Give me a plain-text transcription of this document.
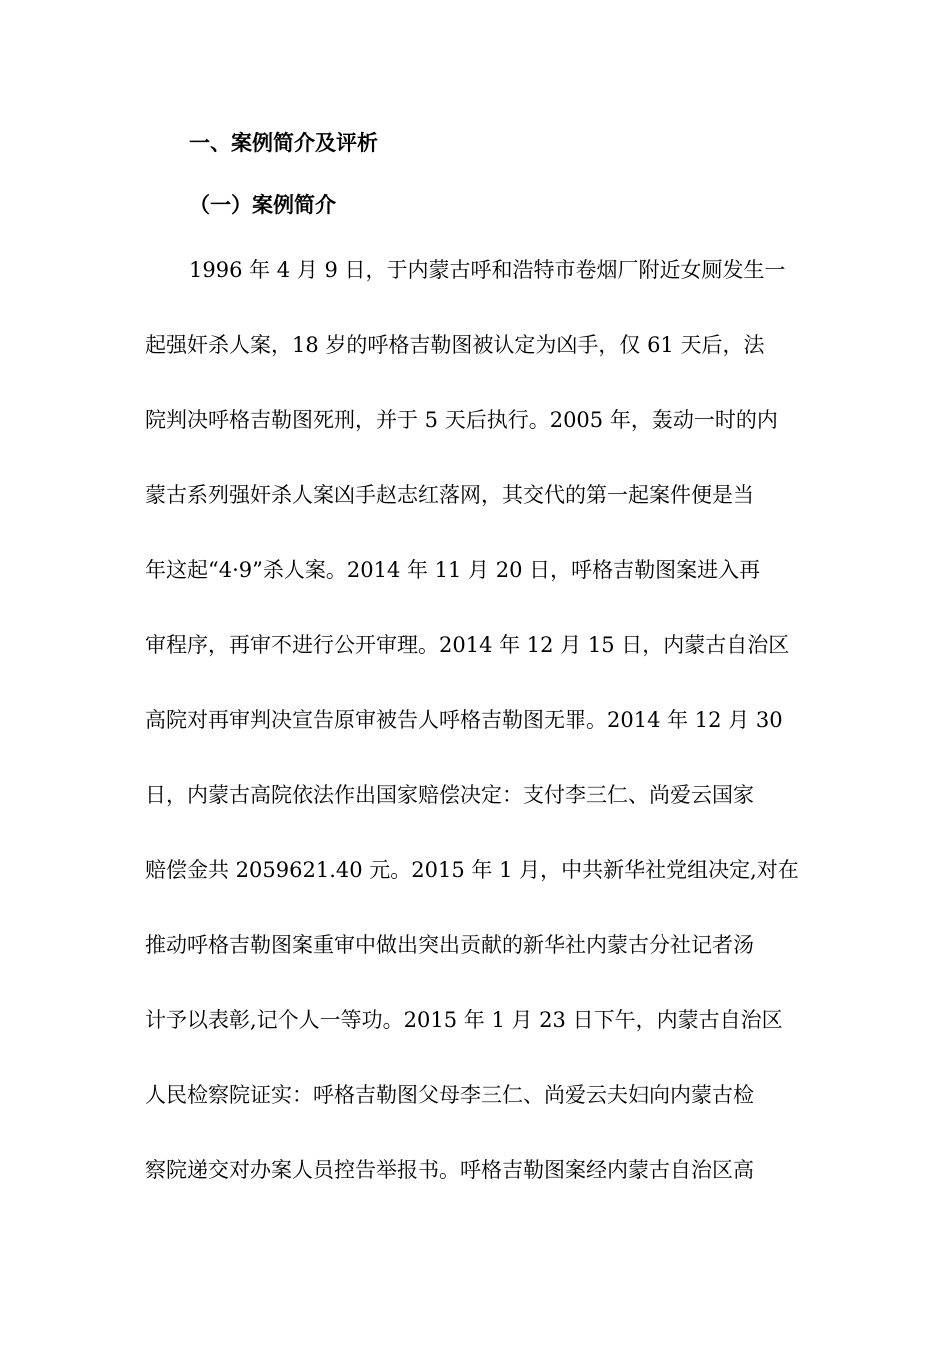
一、案例简介及评析
（一）案例简介
1996 年 4 月 9 日，于内蒙古呼和浩特市卷烟厂附近女厕发生一
起强奸杀人案，18 岁的呼格吉勒图被认定为凶手，仅 61 天后，法
院判决呼格吉勒图死刑，并于 5 天后执行。2005 年，轰动一时的内
蒙古系列强奸杀人案凶手赵志红落网，其交代的第一起案件便是当
年这起“4·9”杀人案。2014 年 11 月 20 日，呼格吉勒图案进入再
审程序，再审不进行公开审理。2014 年 12 月 15 日，内蒙古自治区
高院对再审判决宣告原审被告人呼格吉勒图无罪。2014 年 12 月 30
日，内蒙古高院依法作出国家赔偿决定：支付李三仁、尚爱云国家
赔偿金共 2059621.40 元。2015 年 1 月，中共新华社党组决定,对在
推动呼格吉勒图案重审中做出突出贡献的新华社内蒙古分社记者汤
计予以表彰,记个人一等功。2015 年 1 月 23 日下午，内蒙古自治区
人民检察院证实：呼格吉勒图父母李三仁、尚爱云夫妇向内蒙古检
察院递交对办案人员控告举报书。呼格吉勒图案经内蒙古自治区高
